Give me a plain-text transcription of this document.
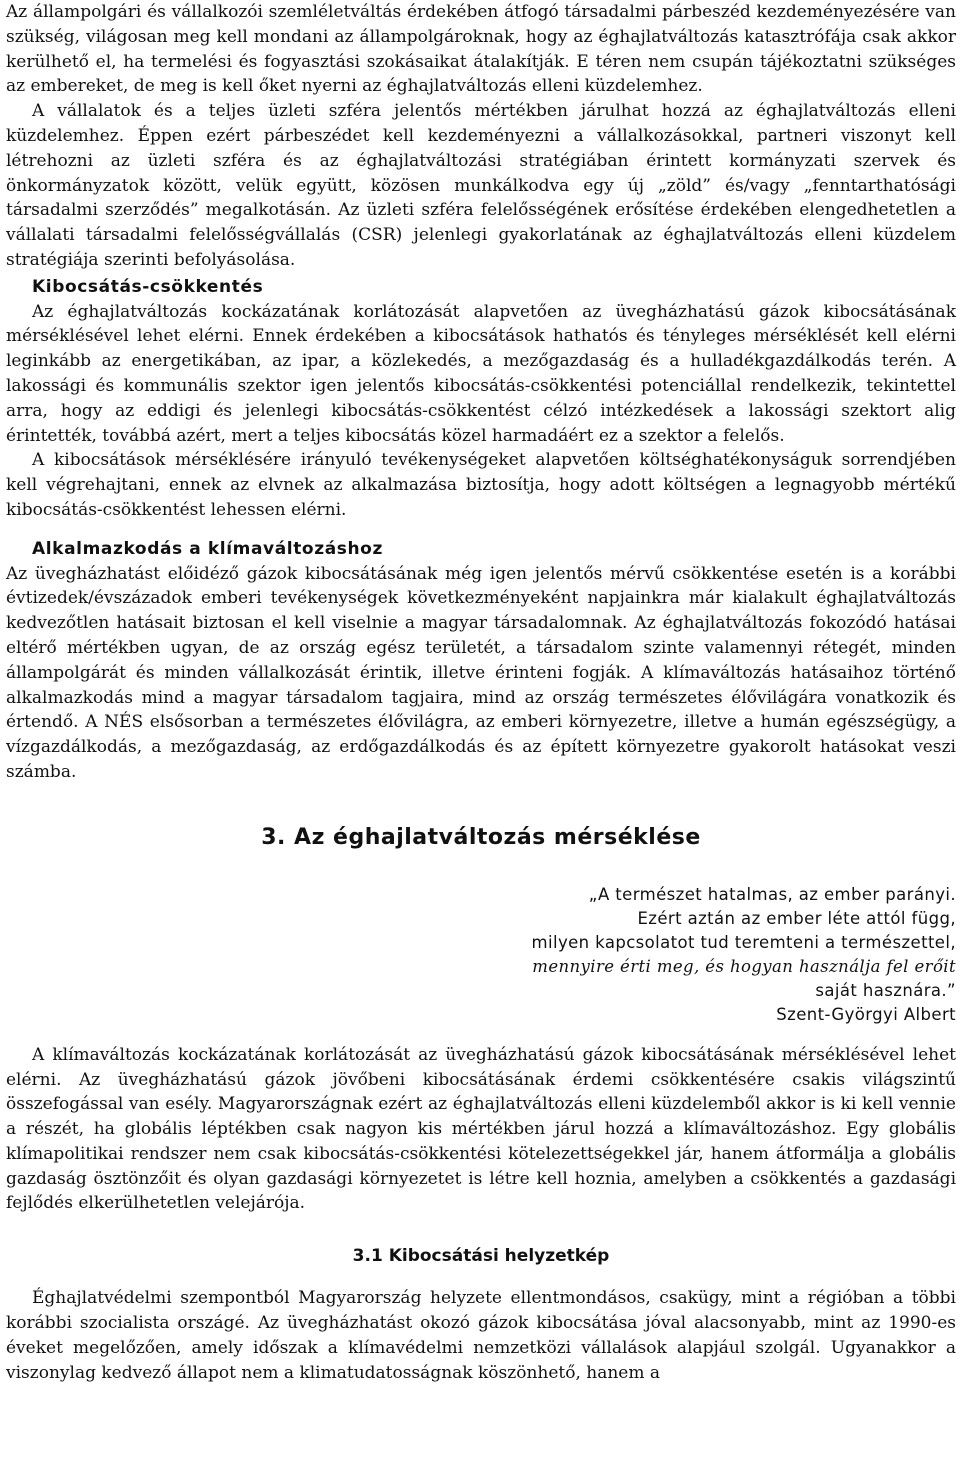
Az állampolgári és vállalkozói szemléletváltás érdekében átfogó társadalmi párbeszéd kezdeményezésére van szükség, világosan meg kell mondani az állampolgároknak, hogy az éghajlatváltozás katasztrófája csak akkor kerülhető el, ha termelési és fogyasztási szokásaikat átalakítják. E téren nem csupán tájékoztatni szükséges az embereket, de meg is kell őket nyerni az éghajlatváltozás elleni küzdelemhez.

A vállalatok és a teljes üzleti szféra jelentős mértékben járulhat hozzá az éghajlatváltozás elleni küzdelemhez. Éppen ezért párbeszédet kell kezdeményezni a vállalkozásokkal, partneri viszonyt kell létrehozni az üzleti szféra és az éghajlatváltozási stratégiában érintett kormányzati szervek és önkormányzatok között, velük együtt, közösen munkálkodva egy új „zöld” és/vagy „fenntarthatósági társadalmi szerződés” megalkotásán. Az üzleti szféra felelősségének erősítése érdekében elengedhetetlen a vállalati társadalmi felelősségvállalás (CSR) jelenlegi gyakorlatának az éghajlatváltozás elleni küzdelem stratégiája szerinti befolyásolása.

Kibocsátás-csökkentés

Az éghajlatváltozás kockázatának korlátozását alapvetően az üvegházhatású gázok kibocsátásának mérséklésével lehet elérni. Ennek érdekében a kibocsátások hathatós és tényleges mérséklését kell elérni leginkább az energetikában, az ipar, a közlekedés, a mezőgazdaság és a hulladékgazdálkodás terén. A lakossági és kommunális szektor igen jelentős kibocsátás-csökkentési potenciállal rendelkezik, tekintettel arra, hogy az eddigi és jelenlegi kibocsátás-csökkentést célzó intézkedések a lakossági szektort alig érintették, továbbá azért, mert a teljes kibocsátás közel harmadáért ez a szektor a felelős.

A kibocsátások mérséklésére irányuló tevékenységeket alapvetően költséghatékonyságuk sorrendjében kell végrehajtani, ennek az elvnek az alkalmazása biztosítja, hogy adott költségen a legnagyobb mértékű kibocsátás-csökkentést lehessen elérni.

Alkalmazkodás a klímaváltozáshoz

Az üvegházhatást előidéző gázok kibocsátásának még igen jelentős mérvű csökkentése esetén is a korábbi évtizedek/évszázadok emberi tevékenységek következményeként napjainkra már kialakult éghajlatváltozás kedvezőtlen hatásait biztosan el kell viselnie a magyar társadalomnak. Az éghajlatváltozás fokozódó hatásai eltérő mértékben ugyan, de az ország egész területét, a társadalom szinte valamennyi rétegét, minden állampolgárát és minden vállalkozását érintik, illetve érinteni fogják. A klímaváltozás hatásaihoz történő alkalmazkodás mind a magyar társadalom tagjaira, mind az ország természetes élővilágára vonatkozik és értendő. A NÉS elsősorban a természetes élővilágra, az emberi környezetre, illetve a humán egészségügy, a vízgazdálkodás, a mezőgazdaság, az erdőgazdálkodás és az épített környezetre gyakorolt hatásokat veszi számba.

3. Az éghajlatváltozás mérséklése
„A természet hatalmas, az ember parányi.
Ezért aztán az ember léte attól függ,
milyen kapcsolatot tud teremteni a természettel,
mennyire érti meg, és hogyan használja fel erőit
saját hasznára.”
Szent-Györgyi Albert

A klímaváltozás kockázatának korlátozását az üvegházhatású gázok kibocsátásának mérséklésével lehet elérni. Az üvegházhatású gázok jövőbeni kibocsátásának érdemi csökkentésére csakis világszintű összefogással van esély. Magyarországnak ezért az éghajlatváltozás elleni küzdelemből akkor is ki kell vennie a részét, ha globális léptékben csak nagyon kis mértékben járul hozzá a klímaváltozáshoz. Egy globális klímapolitikai rendszer nem csak kibocsátás-csökkentési kötelezettségekkel jár, hanem átformálja a globális gazdaság ösztönzőit és olyan gazdasági környezetet is létre kell hoznia, amelyben a csökkentés a gazdasági fejlődés elkerülhetetlen velejárója.

3.1 Kibocsátási helyzetkép

Éghajlatvédelmi szempontból Magyarország helyzete ellentmondásos, csakügy, mint a régióban a többi korábbi szocialista országé. Az üvegházhatást okozó gázok kibocsátása jóval alacsonyabb, mint az 1990-es éveket megelőzően, amely időszak a klímavédelmi nemzetközi vállalások alapjául szolgál. Ugyanakkor a viszonylag kedvező állapot nem a klimatudatosságnak köszönhető, hanem a
